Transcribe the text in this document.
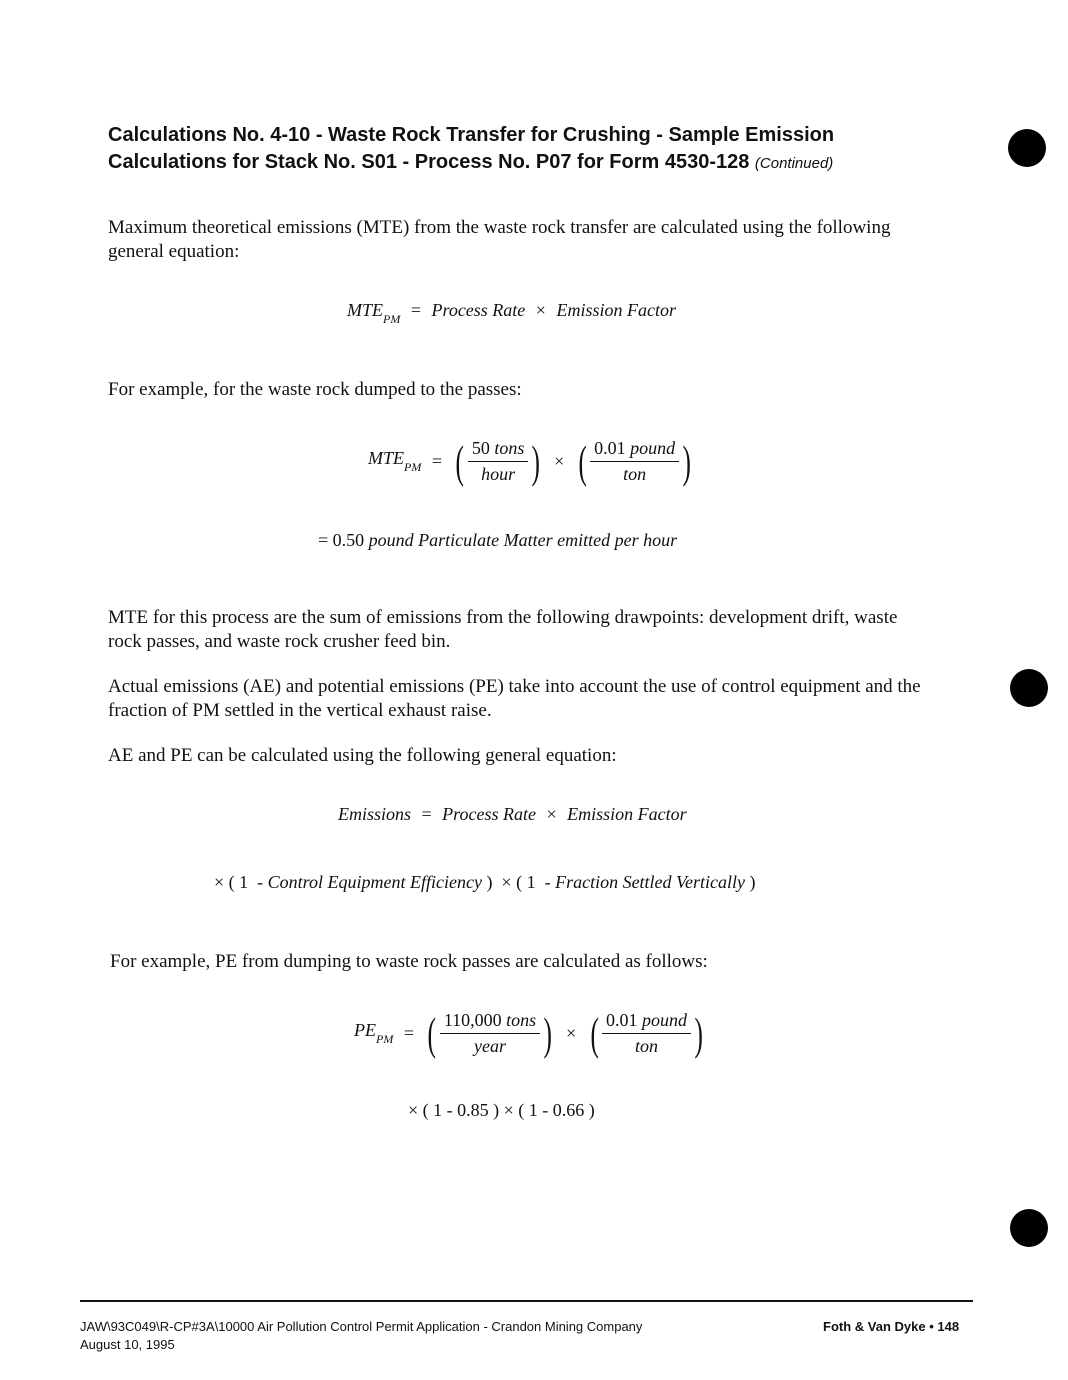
Calculations No. 4-10 - Waste Rock Transfer for Crushing - Sample Emission
Calculations for Stack No. S01 - Process No. P07 for Form 4530-128 (Continued)
Maximum theoretical emissions (MTE) from the waste rock transfer are calculated using the following general equation:
$MTE_{PM}$ = Process Rate × Emission Factor
For example, for the waste rock dumped to the passes:
$MTE_{PM}$ = ( $\frac{\text{50 tons}}{\text{hour}}$ ) × ( $\frac{\text{0.01 pound}}{\text{ton}}$ )
= 0.50 pound Particulate Matter emitted per hour
MTE for this process are the sum of emissions from the following drawpoints: development drift, waste rock passes, and waste rock crusher feed bin.
Actual emissions (AE) and potential emissions (PE) take into account the use of control equipment and the fraction of PM settled in the vertical exhaust raise.
AE and PE can be calculated using the following general equation:
Emissions = Process Rate × Emission Factor
× ( 1  - Control Equipment Efficiency )  × ( 1  - Fraction Settled Vertically )
For example, PE from dumping to waste rock passes are calculated as follows:
$PE_{PM}$ = ( $\frac{\text{110,000 tons}}{\text{year}}$ ) × ( $\frac{\text{0.01 pound}}{\text{ton}}$ )
× ( 1 - 0.85 ) × ( 1 - 0.66 )
JAW\93C049\R-CP#3A\10000 Air Pollution Control Permit Application - Crandon Mining Company
August 10, 1995
Foth & Van Dyke • 148
